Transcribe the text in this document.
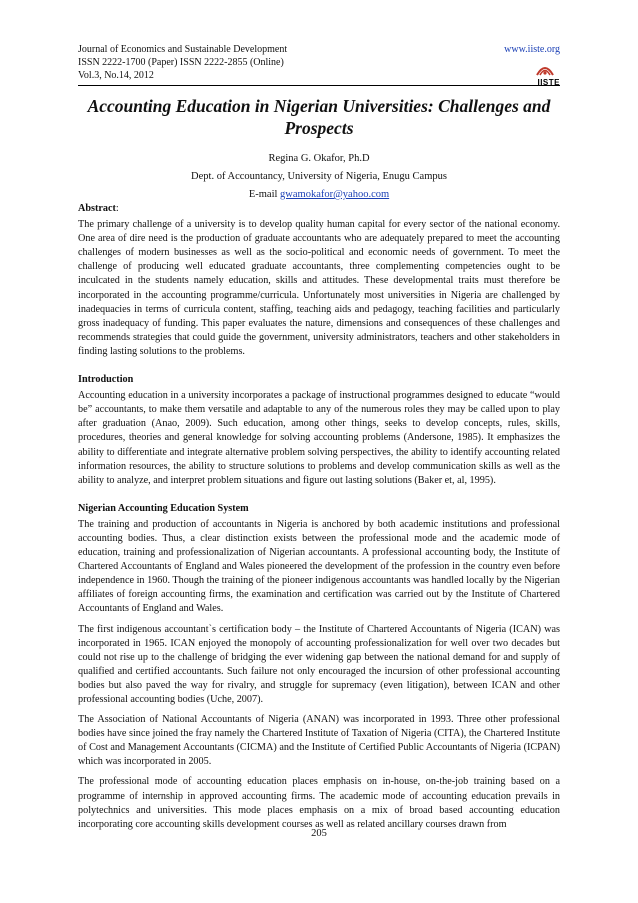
Journal of Economics and Sustainable Development
ISSN 2222-1700 (Paper) ISSN 2222-2855 (Online)
Vol.3, No.14, 2012
www.iiste.org
IISTE
Accounting Education in Nigerian Universities: Challenges and
Prospects
Regina G. Okafor, Ph.D
Dept. of Accountancy, University of Nigeria, Enugu Campus
E-mail gwamokafor@yahoo.com
Abstract:

The primary challenge of a university is to develop quality human capital for every sector of the national economy. One area of dire need is the production of graduate accountants who are adequately prepared to meet the accounting challenges of modern businesses as well as the socio-political and economic needs of government. To meet the challenge of producing well educated graduate accountants, three complementing competencies ought to be inculcated in the students namely education, skills and attitudes. These developmental traits must therefore be incorporated in the accounting programme/curricula. Unfortunately most universities in Nigeria are challenged by inadequacies in terms of curricula content, staffing, teaching aids and pedagogy, teaching facilities and particularly gross inadequacy of funding. This paper evaluates the nature, dimensions and consequences of these challenges and recommends strategies that could guide the government, university administrators, teachers and other stakeholders in finding lasting solutions to the problems.

Introduction

Accounting education in a university incorporates a package of instructional programmes designed to educate “would be” accountants, to make them versatile and adaptable to any of the numerous roles they may be called upon to play after graduation (Anao, 2009). Such education, among other things, seeks to develop concepts, rules, skills, procedures, theories and general knowledge for solving accounting problems (Andersone, 1985). It emphasizes the ability to differentiate and integrate alternative problem solving perspectives, the ability to identify accounting related information resources, the ability to structure solutions to problems and develop communication skills as well as the ability to analyze, and interpret problem situations and figure out lasting solutions (Baker et, al, 1995).

Nigerian Accounting Education System

The training and production of accountants in Nigeria is anchored by both academic institutions and professional accounting bodies. Thus, a clear distinction exists between the professional mode and the academic mode of education, training and professionalization of Nigerian accountants. A professional accounting body, the Institute of Chartered Accountants of England and Wales pioneered the development of the profession in the country even before independence in 1960. Though the training of the pioneer indigenous accountants was handled locally by the Nigerian affiliates of foreign accounting firms, the examination and certification was carried out by the Institute of Chartered Accountants of England and Wales.

The first indigenous accountant`s certification body – the Institute of Chartered Accountants of Nigeria (ICAN) was incorporated in 1965. ICAN enjoyed the monopoly of accounting professionalization for well over two decades but could not rise up to the challenge of bridging the ever widening gap between the national demand for and supply of qualified and certified accountants. Such failure not only encouraged the incursion of other professional accounting bodies but also paved the way for rivalry, and struggle for supremacy (even litigation), between ICAN and other professional accounting bodies (Uche, 2007).

The Association of National Accountants of Nigeria (ANAN) was incorporated in 1993. Three other professional bodies have since joined the fray namely the Chartered Institute of Taxation of Nigeria (CITA), the Chartered Institute of Cost and Management Accountants (CICMA) and the Institute of Certified Public Accountants of Nigeria (ICPAN) which was incorporated in 2005.

The professional mode of accounting education places emphasis on in-house, on-the-job training based on a programme of internship in approved accounting firms. The academic mode of accounting education prevails in polytechnics and universities. This mode places emphasis on a mix of broad based accounting education incorporating core accounting skills development courses as well as related ancillary courses drawn from

205
